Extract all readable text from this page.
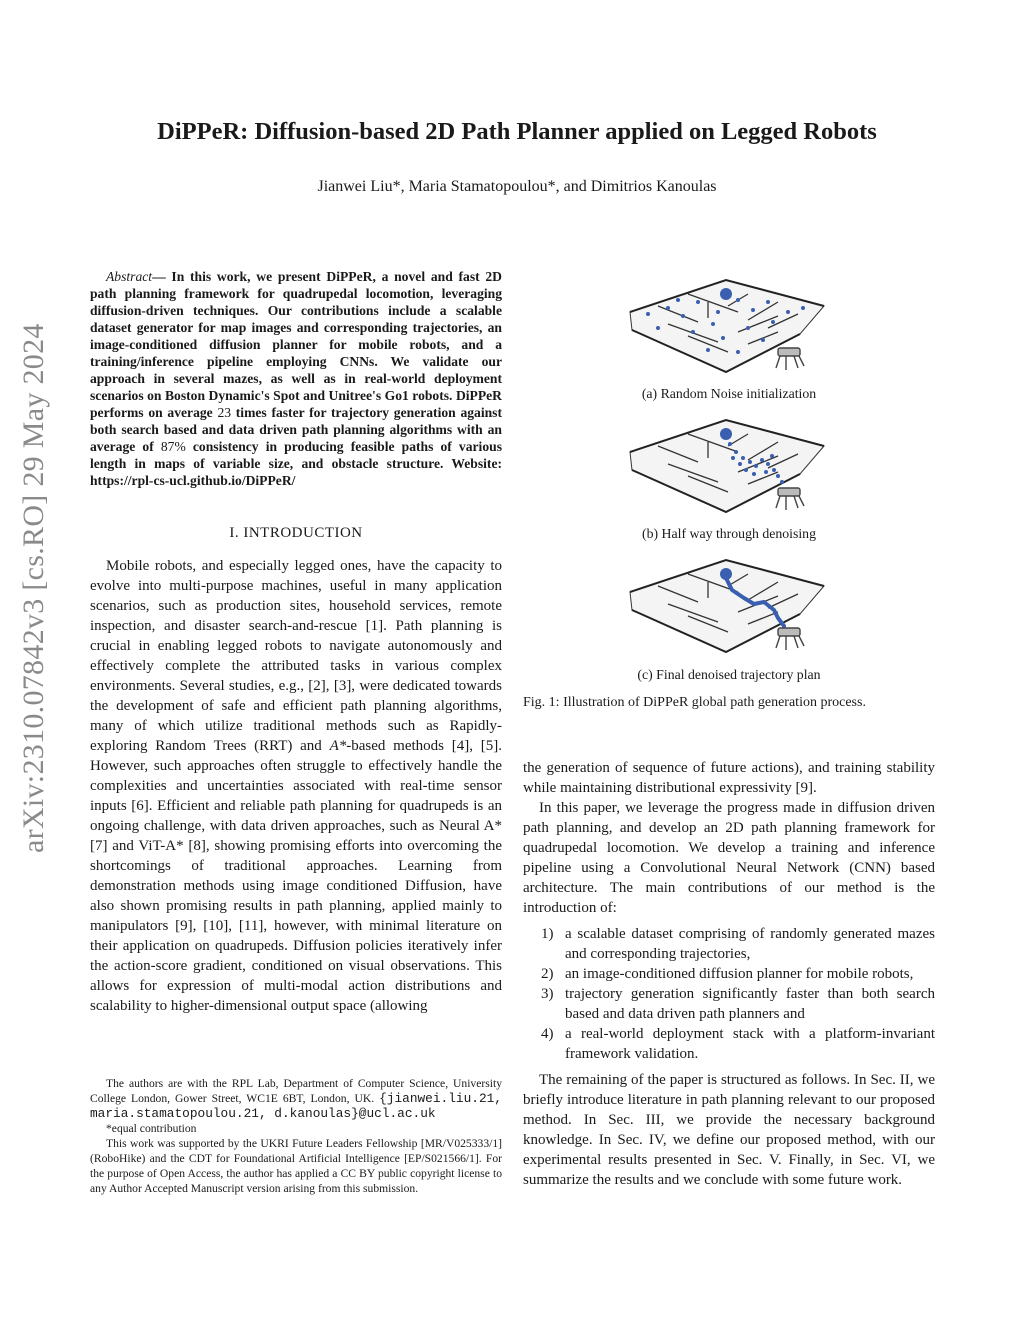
arXiv:2310.07842v3 [cs.RO] 29 May 2024
DiPPeR: Diffusion-based 2D Path Planner applied on Legged Robots
Jianwei Liu*, Maria Stamatopoulou*, and Dimitrios Kanoulas
Abstract— In this work, we present DiPPeR, a novel and fast 2D path planning framework for quadrupedal locomotion, leveraging diffusion-driven techniques. Our contributions include a scalable dataset generator for map images and corresponding trajectories, an image-conditioned diffusion planner for mobile robots, and a training/inference pipeline employing CNNs. We validate our approach in several mazes, as well as in real-world deployment scenarios on Boston Dynamic's Spot and Unitree's Go1 robots. DiPPeR performs on average 23 times faster for trajectory generation against both search based and data driven path planning algorithms with an average of 87% consistency in producing feasible paths of various length in maps of variable size, and obstacle structure. Website: https://rpl-cs-ucl.github.io/DiPPeR/
I. INTRODUCTION

Mobile robots, and especially legged ones, have the capacity to evolve into multi-purpose machines, useful in many application scenarios, such as production sites, household services, remote inspection, and disaster search-and-rescue [1]. Path planning is crucial in enabling legged robots to navigate autonomously and effectively complete the attributed tasks in various complex environments. Several studies, e.g., [2], [3], were dedicated towards the development of safe and efficient path planning algorithms, many of which utilize traditional methods such as Rapidly-exploring Random Trees (RRT) and A*-based methods [4], [5]. However, such approaches often struggle to effectively handle the complexities and uncertainties associated with real-time sensor inputs [6]. Efficient and reliable path planning for quadrupeds is an ongoing challenge, with data driven approaches, such as Neural A* [7] and ViT-A* [8], showing promising efforts into overcoming the shortcomings of traditional approaches. Learning from demonstration methods using image conditioned Diffusion, have also shown promising results in path planning, applied mainly to manipulators [9], [10], [11], however, with minimal literature on their application on quadrupeds. Diffusion policies iteratively infer the action-score gradient, conditioned on visual observations. This allows for expression of multi-modal action distributions and scalability to higher-dimensional output space (allowing

The authors are with the RPL Lab, Department of Computer Science, University College London, Gower Street, WC1E 6BT, London, UK. {jianwei.liu.21, maria.stamatopoulou.21, d.kanoulas}@ucl.ac.uk

*equal contribution

This work was supported by the UKRI Future Leaders Fellowship [MR/V025333/1] (RoboHike) and the CDT for Foundational Artificial Intelligence [EP/S021566/1]. For the purpose of Open Access, the author has applied a CC BY public copyright license to any Author Accepted Manuscript version arising from this submission.

(a) Random Noise initialization
(b) Half way through denoising
(c) Final denoised trajectory plan
Fig. 1: Illustration of DiPPeR global path generation process.

the generation of sequence of future actions), and training stability while maintaining distributional expressivity [9].

In this paper, we leverage the progress made in diffusion driven path planning, and develop an 2D path planning framework for quadrupedal locomotion. We develop a training and inference pipeline using a Convolutional Neural Network (CNN) based architecture. The main contributions of our method is the introduction of:

1) a scalable dataset comprising of randomly generated mazes and corresponding trajectories,
2) an image-conditioned diffusion planner for mobile robots,
3) trajectory generation significantly faster than both search based and data driven path planners and
4) a real-world deployment stack with a platform-invariant framework validation.

The remaining of the paper is structured as follows. In Sec. II, we briefly introduce literature in path planning relevant to our proposed method. In Sec. III, we provide the necessary background knowledge. In Sec. IV, we define our proposed method, with our experimental results presented in Sec. V. Finally, in Sec. VI, we summarize the results and we conclude with some future work.
